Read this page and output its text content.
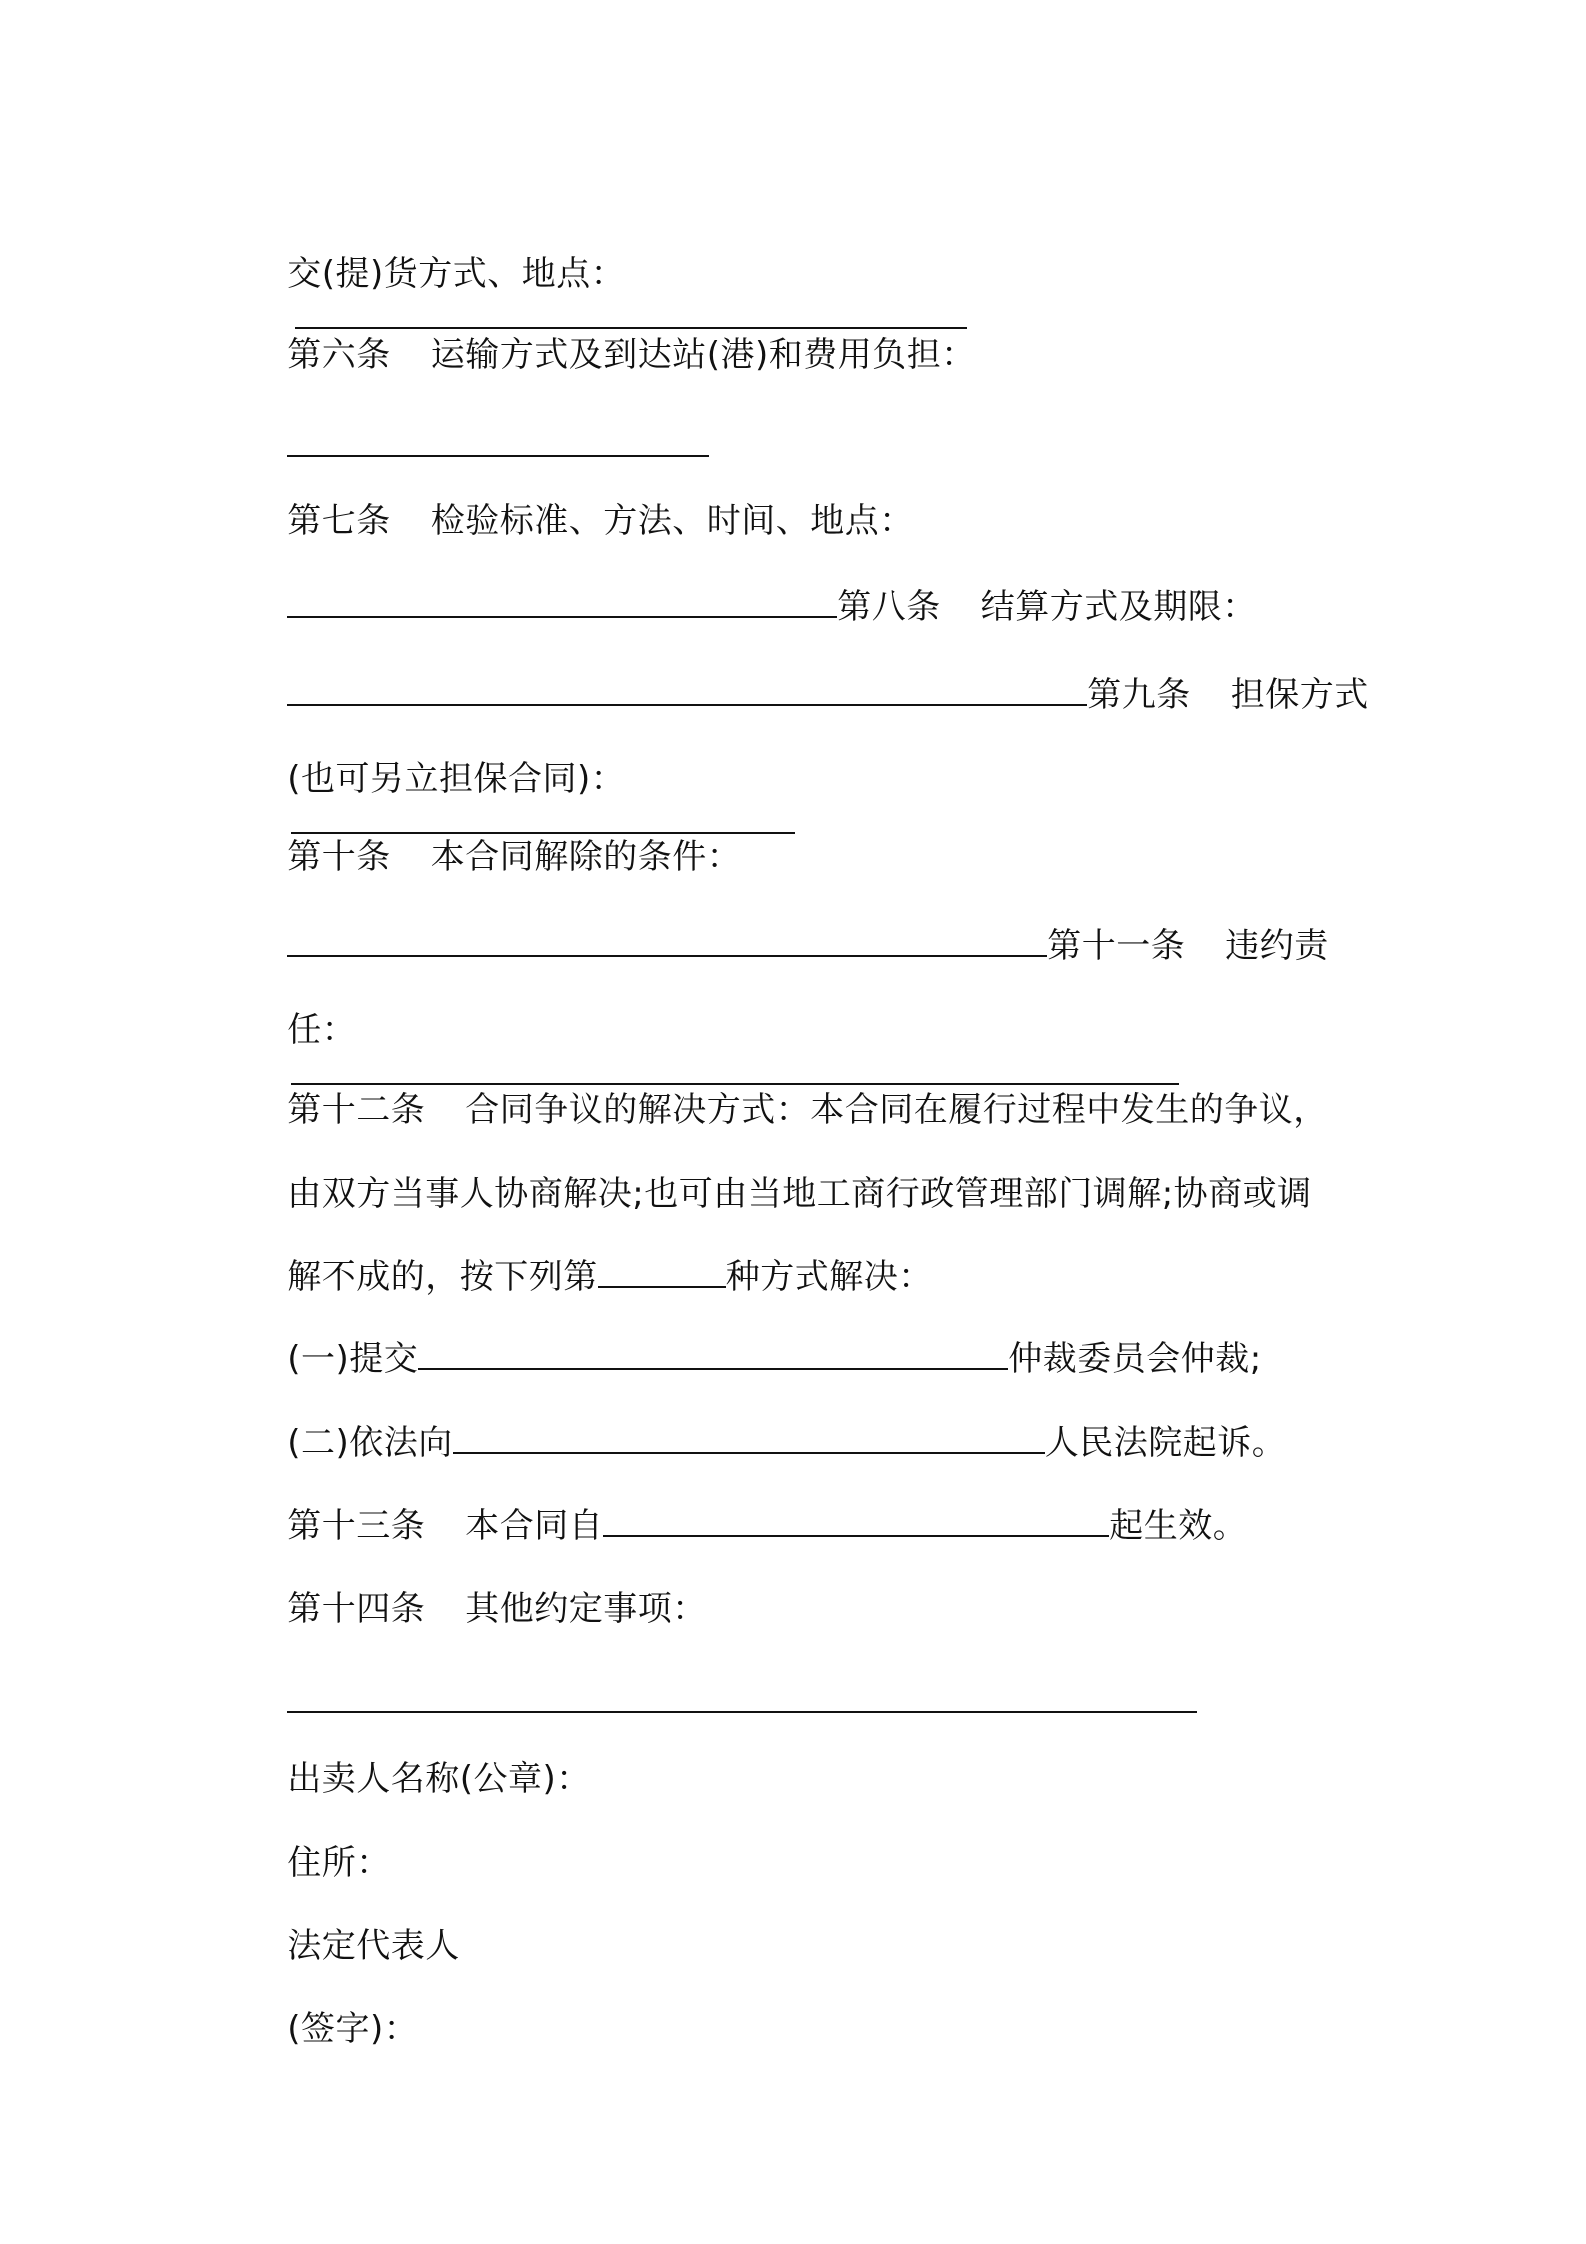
交(提)货方式、地点：

第六条 运输方式及到达站(港)和费用负担：

第七条 检验标准、方法、时间、地点：

第八条 结算方式及期限：

第九条 担保方式

(也可另立担保合同)：

第十条 本合同解除的条件：

第十一条 违约责

任：

第十二条 合同争议的解决方式：本合同在履行过程中发生的争议，

由双方当事人协商解决;也可由当地工商行政管理部门调解;协商或调

解不成的，按下列第	种方式解决：

(一)提交	仲裁委员会仲裁;

(二)依法向	人民法院起诉。

第十三条 本合同自	起生效。

第十四条 其他约定事项：

出卖人名称(公章)：

住所：

法定代表人

(签字)：
